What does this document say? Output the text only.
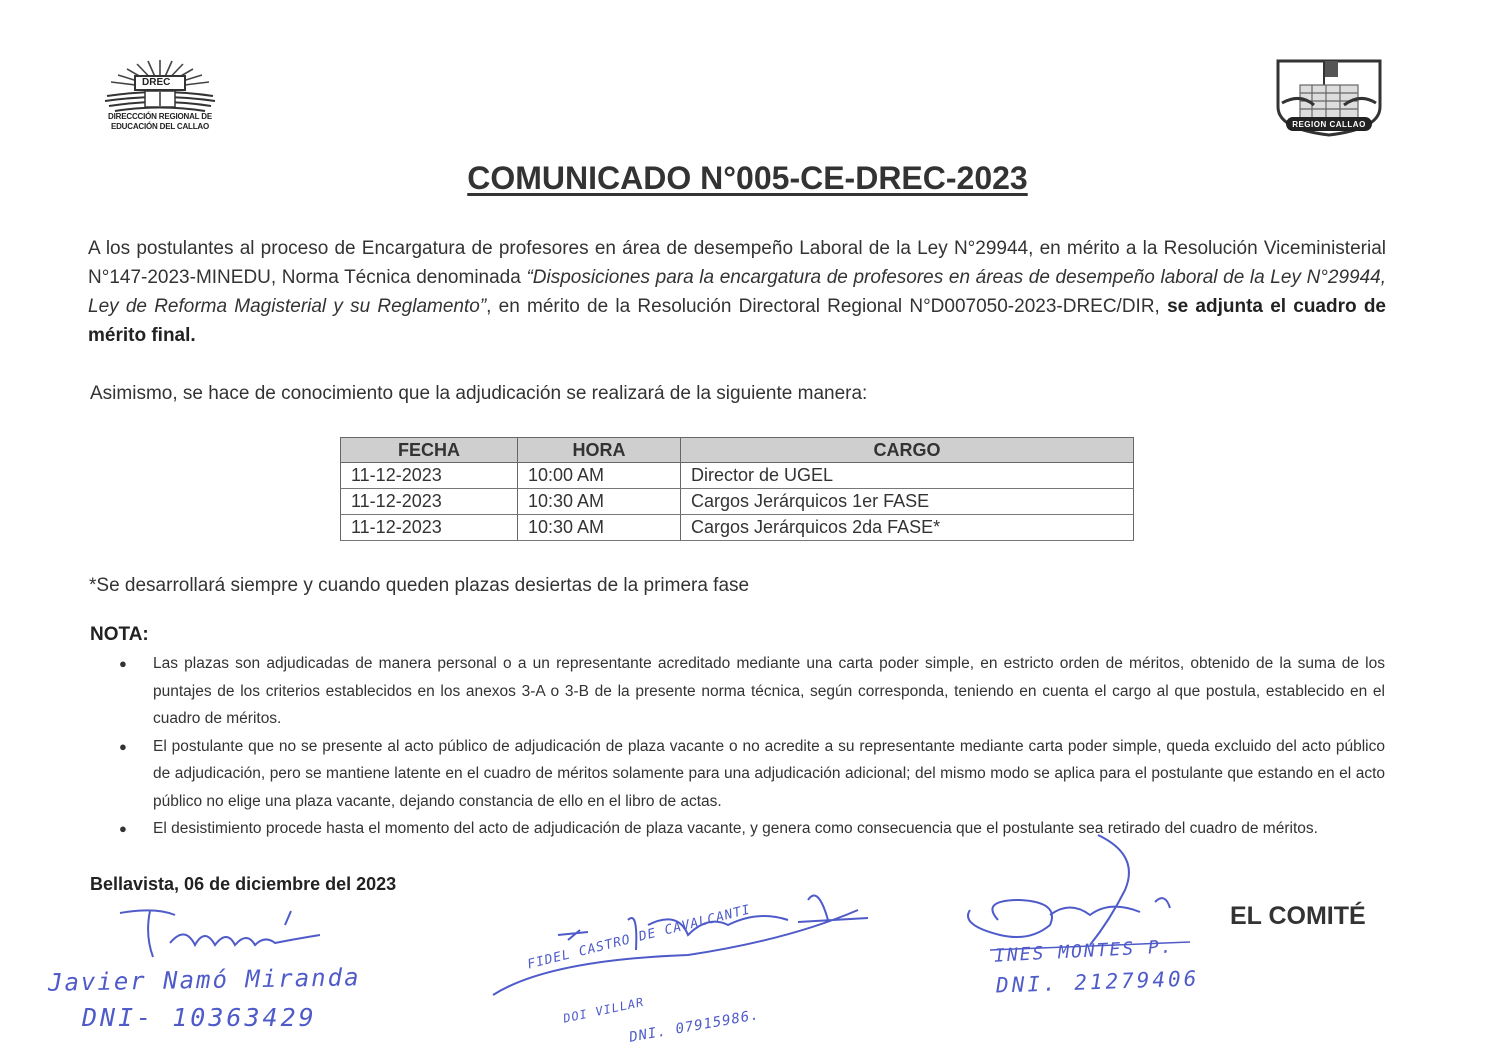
DREC
DIRECCCIÓN REGIONAL DE
EDUCACIÓN DEL CALLAO	REGION CALLAO
COMUNICADO N°005-CE-DREC-2023
A los postulantes al proceso de Encargatura de profesores en área de desempeño Laboral de la Ley N°29944, en mérito a la Resolución Viceministerial N°147-2023-MINEDU, Norma Técnica denominada “Disposiciones para la encargatura de profesores en áreas de desempeño laboral de la Ley N°29944, Ley de Reforma Magisterial y su Reglamento”, en mérito de la Resolución Directoral Regional N°D007050-2023-DREC/DIR, se adjunta el cuadro de mérito final.
Asimismo, se hace de conocimiento que la adjudicación se realizará de la siguiente manera:
FECHA	HORA	CARGO
11-12-2023	10:00 AM	Director de UGEL
11-12-2023	10:30 AM	Cargos Jerárquicos 1er FASE
11-12-2023	10:30 AM	Cargos Jerárquicos 2da FASE*
*Se desarrollará siempre y cuando queden plazas desiertas de la primera fase
NOTA:
● Las plazas son adjudicadas de manera personal o a un representante acreditado mediante una carta poder simple, en estricto orden de méritos, obtenido de la suma de los puntajes de los criterios establecidos en los anexos 3-A o 3-B de la presente norma técnica, según corresponda, teniendo en cuenta el cargo al que postula, establecido en el cuadro de méritos.
● El postulante que no se presente al acto público de adjudicación de plaza vacante o no acredite a su representante mediante carta poder simple, queda excluido del acto público de adjudicación, pero se mantiene latente en el cuadro de méritos solamente para una adjudicación adicional; del mismo modo se aplica para el postulante que estando en el acto público no elige una plaza vacante, dejando constancia de ello en el libro de actas.
● El desistimiento procede hasta el momento del acto de adjudicación de plaza vacante, y genera como consecuencia que el postulante sea retirado del cuadro de méritos.
Bellavista, 06 de diciembre del 2023
EL COMITÉ
Javier Namó Miranda
DNI- 10363429
FIDEL CASTRO DE CAVALCANTI
DOI VILLAR
DNI. 07915986.
INES MONTES P.
DNI. 21279406
